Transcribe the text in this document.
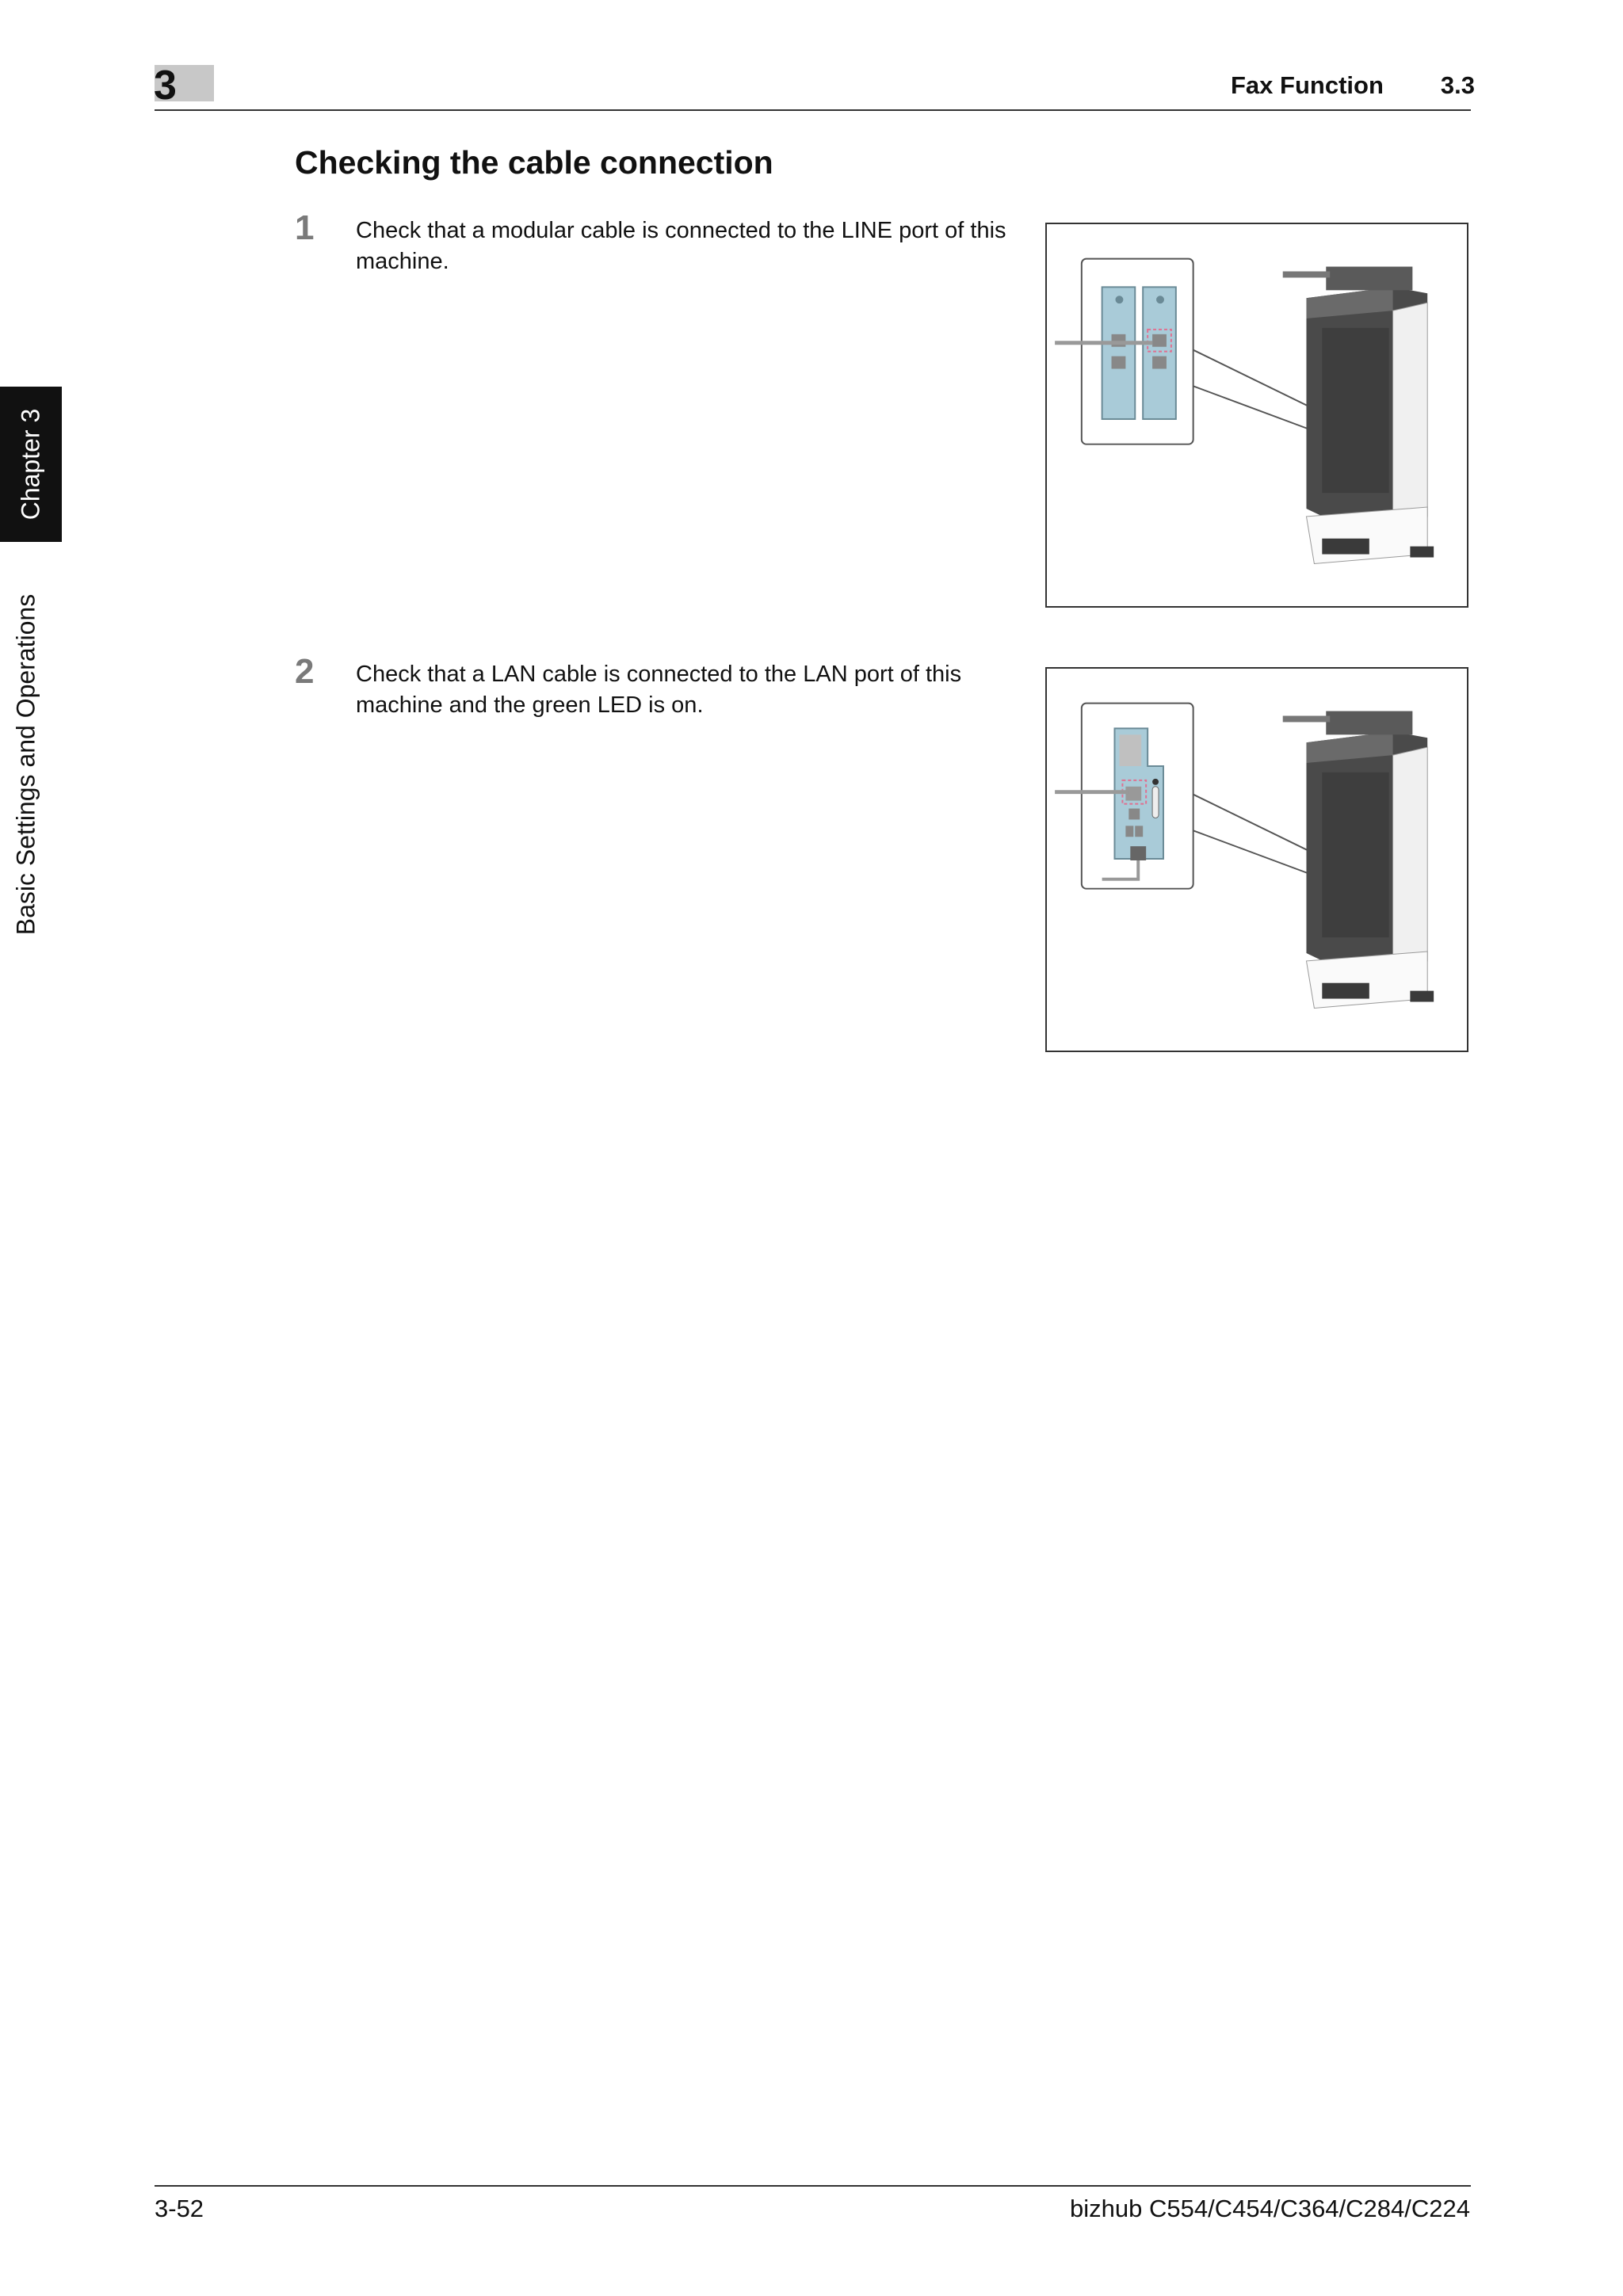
3	Fax Function 3.3
Chapter 3
Basic Settings and Operations
Checking the cable connection
1 Check that a modular cable is connected to the LINE port of this machine.
2 Check that a LAN cable is connected to the LAN port of this machine and the green LED is on.
3-52	bizhub C554/C454/C364/C284/C224
